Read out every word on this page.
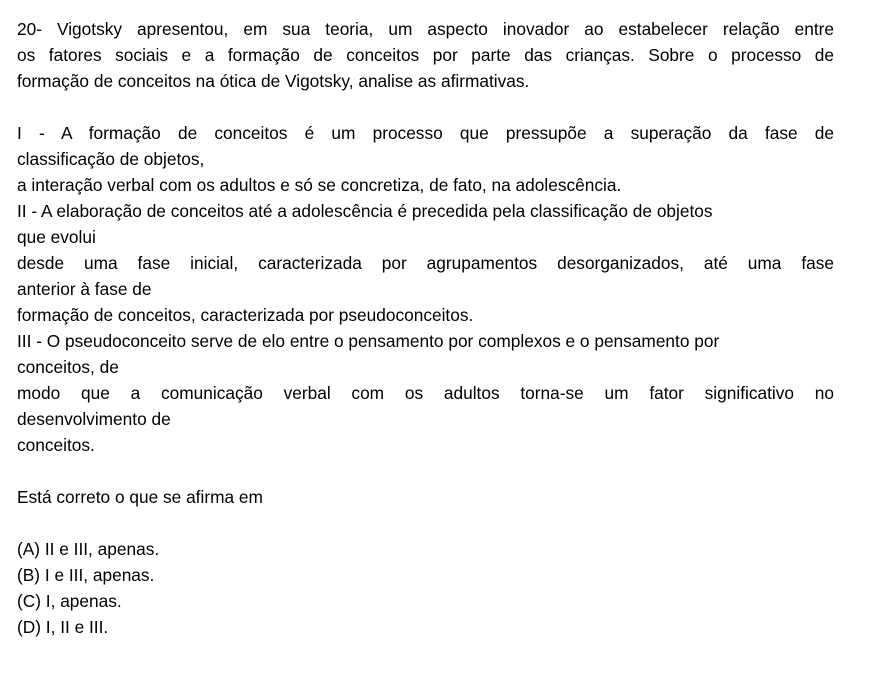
20- Vigotsky apresentou, em sua teoria, um aspecto inovador ao estabelecer relação entre
os fatores sociais e a formação de conceitos por parte das crianças. Sobre o processo de
formação de conceitos na ótica de Vigotsky, analise as afirmativas.
I - A formação de conceitos é um processo que pressupõe a superação da fase de
classificação de objetos,
a interação verbal com os adultos e só se concretiza, de fato, na adolescência.
II - A elaboração de conceitos até a adolescência é precedida pela classificação de objetos
que evolui
desde uma fase inicial, caracterizada por agrupamentos desorganizados, até uma fase
anterior à fase de
formação de conceitos, caracterizada por pseudoconceitos.
III - O pseudoconceito serve de elo entre o pensamento por complexos e o pensamento por
conceitos, de
modo que a comunicação verbal com os adultos torna-se um fator significativo no
desenvolvimento de
conceitos.
Está correto o que se afirma em
(A) II e III, apenas.
(B) I e III, apenas.
(C) I, apenas.
(D) I, II e III.
